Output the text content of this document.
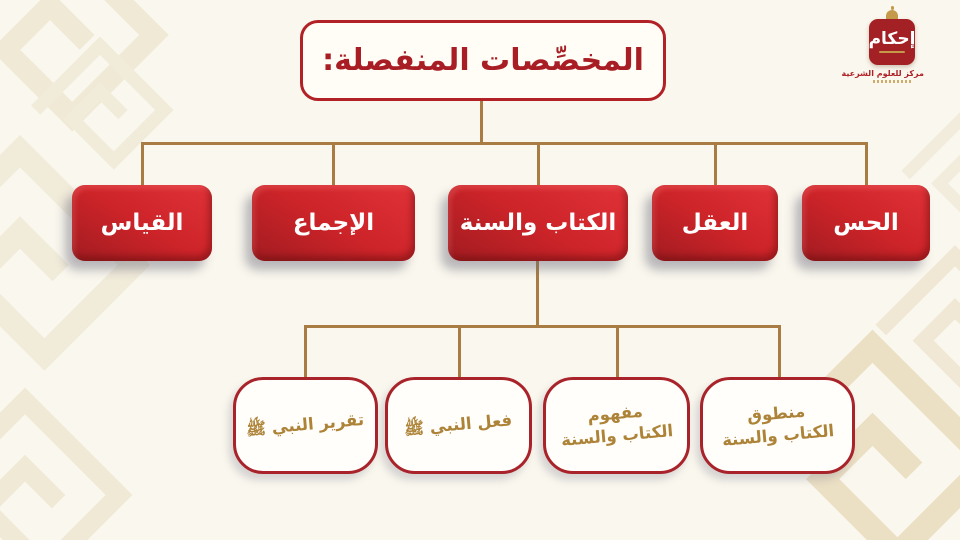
إحكام
مركز للعلوم الشرعية
المخصِّصات المنفصلة:
القياس	الإجماع	الكتاب والسنة	العقل	الحس
تقرير النبي ﷺ فعل النبي ﷺ	مفهوم
الكتاب والسنة
منطوق
الكتاب والسنة
